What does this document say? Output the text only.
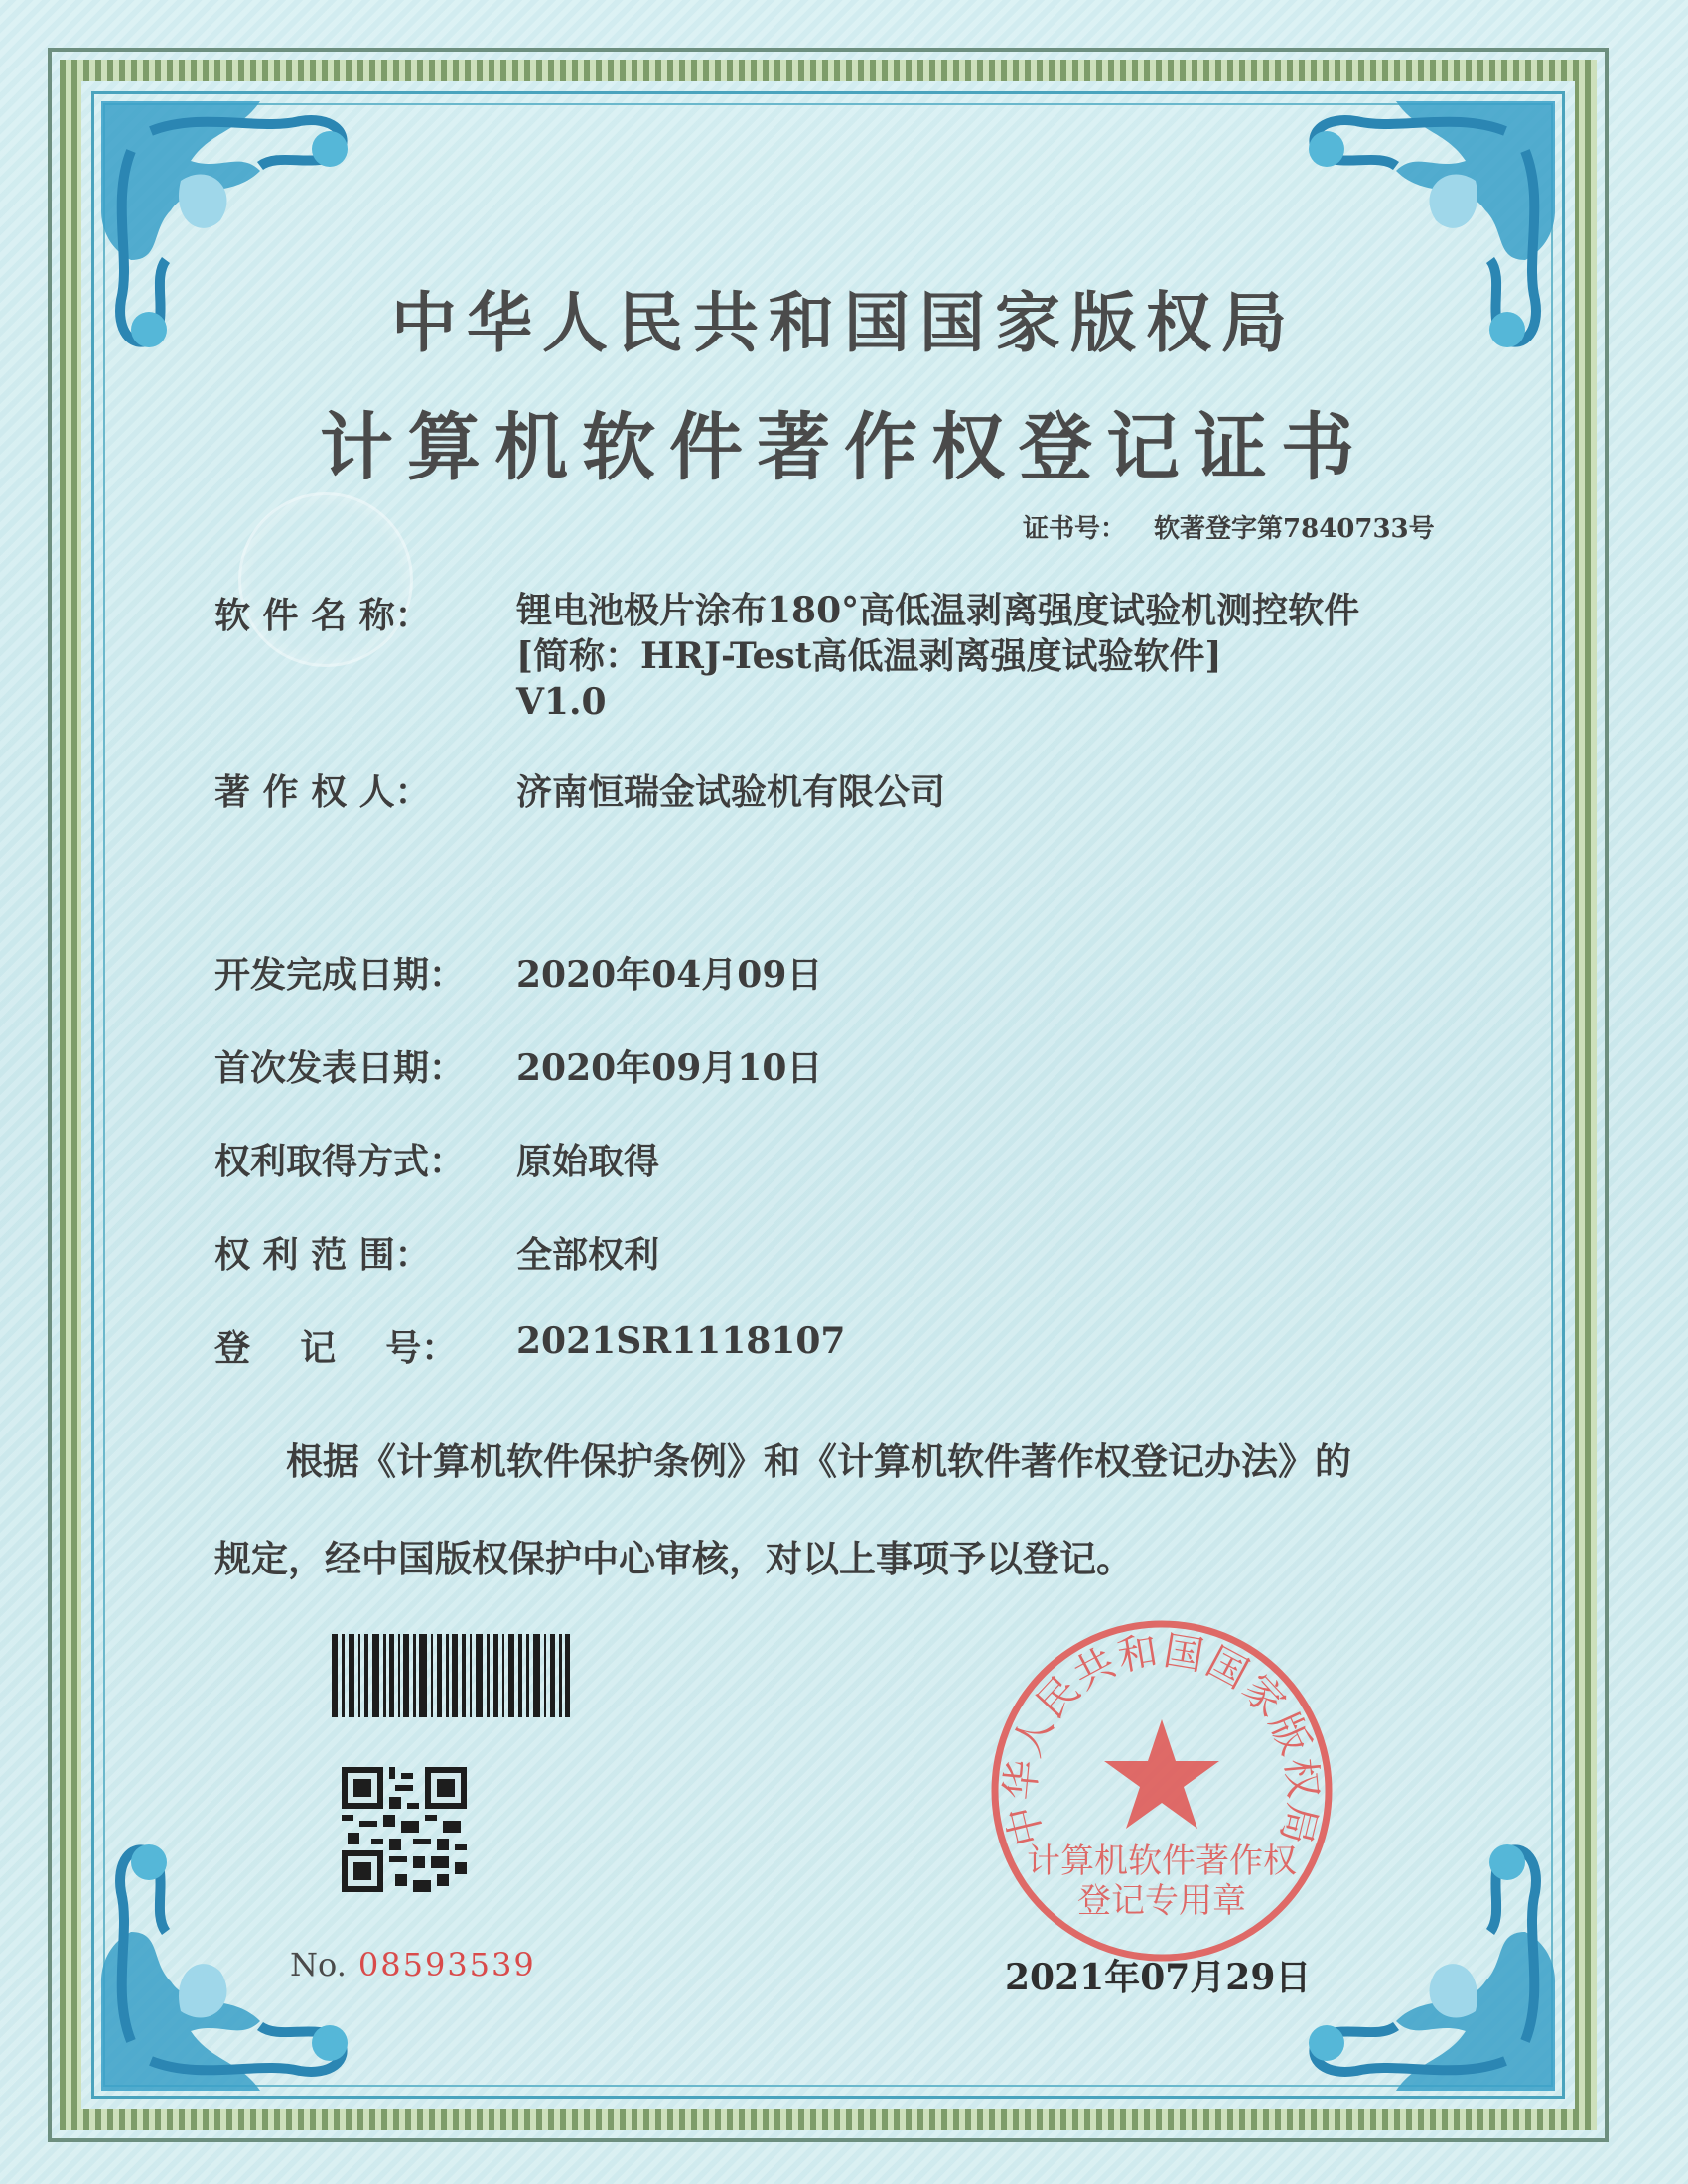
中华人民共和国国家版权局
计算机软件著作权登记证书
证书号： 软著登字第7840733号
软 件 名 称： 锂电池极片涂布180°高低温剥离强度试验机测控软件
[简称：HRJ-Test高低温剥离强度试验软件]
V1.0
著 作 权 人： 济南恒瑞金试验机有限公司
开发完成日期： 2020年04月09日
首次发表日期： 2020年09月10日
权利取得方式： 原始取得
权 利 范 围： 全部权利
登    记    号： 2021SR1118107
根据《计算机软件保护条例》和《计算机软件著作权登记办法》的
规定，经中国版权保护中心审核，对以上事项予以登记。
No. 08593539
中华人民共和国国家版权局
计算机软件著作权
登记专用章
2021年07月29日
